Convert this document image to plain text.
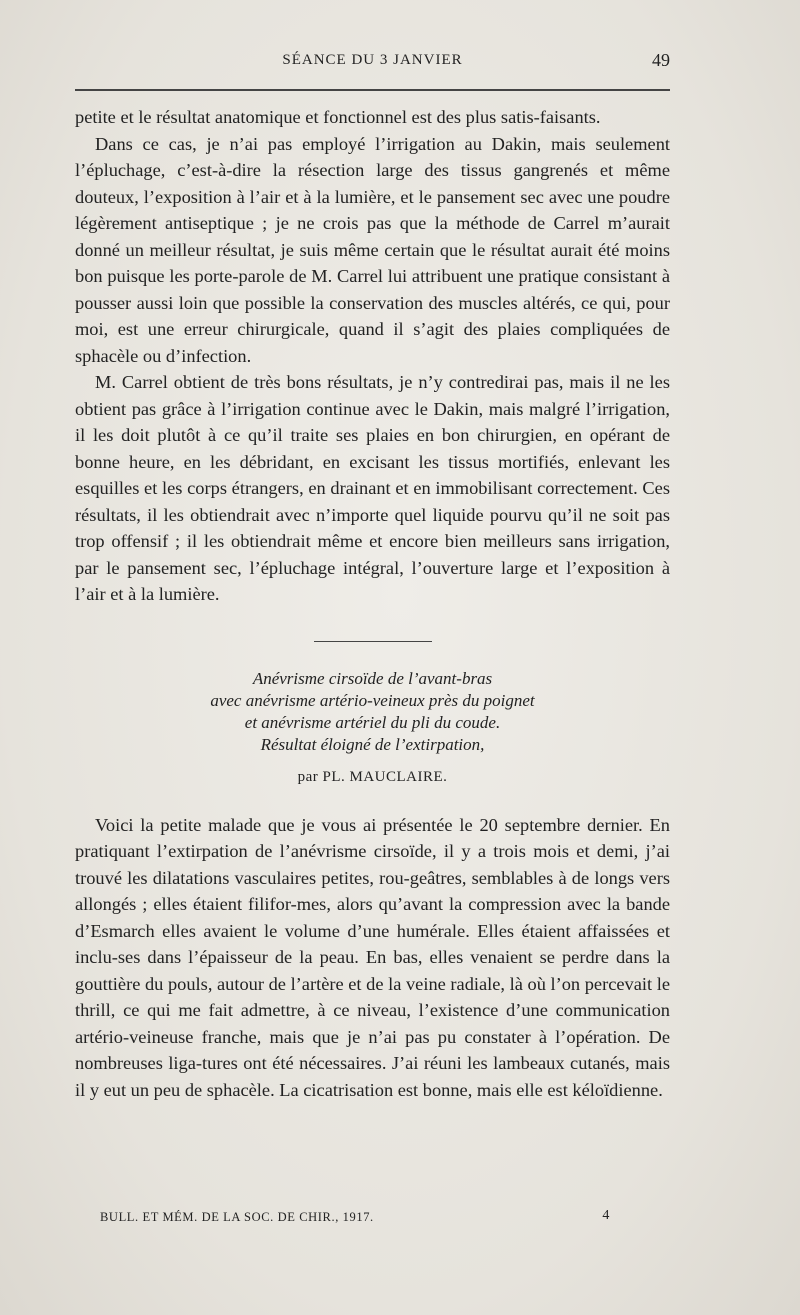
SÉANCE DU 3 JANVIER	49

petite et le résultat anatomique et fonctionnel est des plus satis-faisants.

Dans ce cas, je n’ai pas employé l’irrigation au Dakin, mais seulement l’épluchage, c’est-à-dire la résection large des tissus gangrenés et même douteux, l’exposition à l’air et à la lumière, et le pansement sec avec une poudre légèrement antiseptique ; je ne crois pas que la méthode de Carrel m’aurait donné un meilleur résultat, je suis même certain que le résultat aurait été moins bon puisque les porte-parole de M. Carrel lui attribuent une pratique consistant à pousser aussi loin que possible la conservation des muscles altérés, ce qui, pour moi, est une erreur chirurgicale, quand il s’agit des plaies compliquées de sphacèle ou d’infection.

M. Carrel obtient de très bons résultats, je n’y contredirai pas, mais il ne les obtient pas grâce à l’irrigation continue avec le Dakin, mais malgré l’irrigation, il les doit plutôt à ce qu’il traite ses plaies en bon chirurgien, en opérant de bonne heure, en les débridant, en excisant les tissus mortifiés, enlevant les esquilles et les corps étrangers, en drainant et en immobilisant correctement. Ces résultats, il les obtiendrait avec n’importe quel liquide pourvu qu’il ne soit pas trop offensif ; il les obtiendrait même et encore bien meilleurs sans irrigation, par le pansement sec, l’épluchage intégral, l’ouverture large et l’exposition à l’air et à la lumière.

Anévrisme cirsoïde de l’avant-bras
avec anévrisme artério-veineux près du poignet
et anévrisme artériel du pli du coude.
Résultat éloigné de l’extirpation,
par PL. MAUCLAIRE.

Voici la petite malade que je vous ai présentée le 20 septembre dernier. En pratiquant l’extirpation de l’anévrisme cirsoïde, il y a trois mois et demi, j’ai trouvé les dilatations vasculaires petites, rou-geâtres, semblables à de longs vers allongés ; elles étaient filifor-mes, alors qu’avant la compression avec la bande d’Esmarch elles avaient le volume d’une humérale. Elles étaient affaissées et inclu-ses dans l’épaisseur de la peau. En bas, elles venaient se perdre dans la gouttière du pouls, autour de l’artère et de la veine radiale, là où l’on percevait le thrill, ce qui me fait admettre, à ce niveau, l’existence d’une communication artério-veineuse franche, mais que je n’ai pas pu constater à l’opération. De nombreuses liga-tures ont été nécessaires. J’ai réuni les lambeaux cutanés, mais il y eut un peu de sphacèle. La cicatrisation est bonne, mais elle est kéloïdienne.

BULL. ET MÉM. DE LA SOC. DE CHIR., 1917.	4
